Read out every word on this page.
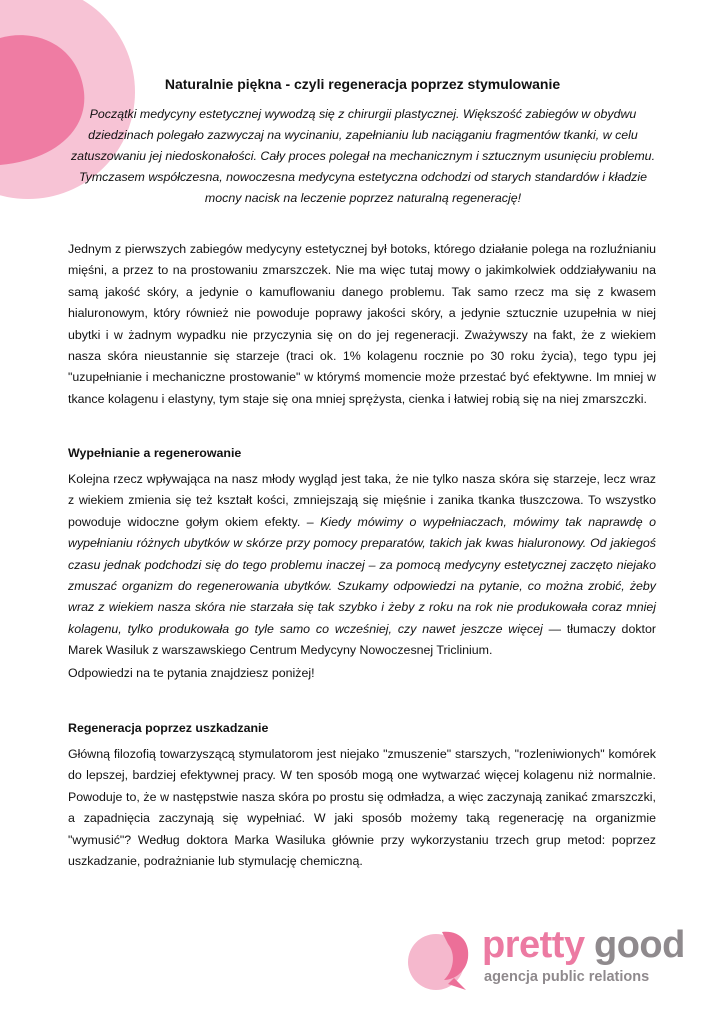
Naturalnie piękna - czyli regeneracja poprzez stymulowanie

Początki medycyny estetycznej wywodzą się z chirurgii plastycznej. Większość zabiegów w obydwu dziedzinach polegało zazwyczaj na wycinaniu, zapełnianiu lub naciąganiu fragmentów tkanki, w celu zatuszowaniu jej niedoskonałości. Cały proces polegał na mechanicznym i sztucznym usunięciu problemu. Tymczasem współczesna, nowoczesna medycyna estetyczna odchodzi od starych standardów i kładzie mocny nacisk na leczenie poprzez naturalną regenerację!

Jednym z pierwszych zabiegów medycyny estetycznej był botoks, którego działanie polega na rozluźnianiu mięśni, a przez to na prostowaniu zmarszczek. Nie ma więc tutaj mowy o jakimkolwiek oddziaływaniu na samą jakość skóry, a jedynie o kamuflowaniu danego problemu. Tak samo rzecz ma się z kwasem hialuronowym, który również nie powoduje poprawy jakości skóry, a jedynie sztucznie uzupełnia w niej ubytki i w żadnym wypadku nie przyczynia się on do jej regeneracji. Zważywszy na fakt, że z wiekiem nasza skóra nieustannie się starzeje (traci ok. 1% kolagenu rocznie po 30 roku życia), tego typu jej "uzupełnianie i mechaniczne prostowanie" w którymś momencie może przestać być efektywne. Im mniej w tkance kolagenu i elastyny, tym staje się ona mniej sprężysta, cienka i łatwiej robią się na niej zmarszczki.

Wypełnianie a regenerowanie

Kolejna rzecz wpływająca na nasz młody wygląd jest taka, że nie tylko nasza skóra się starzeje, lecz wraz z wiekiem zmienia się też kształt kości, zmniejszają się mięśnie i zanika tkanka tłuszczowa. To wszystko powoduje widoczne gołym okiem efekty. – Kiedy mówimy o wypełniaczach, mówimy tak naprawdę o wypełnianiu różnych ubytków w skórze przy pomocy preparatów, takich jak kwas hialuronowy. Od jakiegoś czasu jednak podchodzi się do tego problemu inaczej – za pomocą medycyny estetycznej zaczęto niejako zmuszać organizm do regenerowania ubytków. Szukamy odpowiedzi na pytanie, co można zrobić, żeby wraz z wiekiem nasza skóra nie starzała się tak szybko i żeby z roku na rok nie produkowała coraz mniej kolagenu, tylko produkowała go tyle samo co wcześniej, czy nawet jeszcze więcej — tłumaczy doktor Marek Wasiluk z warszawskiego Centrum Medycyny Nowoczesnej Triclinium.

Odpowiedzi na te pytania znajdziesz poniżej!

Regeneracja poprzez uszkadzanie

Główną filozofią towarzyszącą stymulatorom jest niejako "zmuszenie" starszych, "rozleniwionych" komórek do lepszej, bardziej efektywnej pracy. W ten sposób mogą one wytwarzać więcej kolagenu niż normalnie. Powoduje to, że w następstwie nasza skóra po prostu się odmładza, a więc zaczynają zanikać zmarszczki, a zapadnięcia zaczynają się wypełniać. W jaki sposób możemy taką regenerację na organizmie "wymusić"? Według doktora Marka Wasiluka głównie przy wykorzystaniu trzech grup metod: poprzez uszkadzanie, podrażnianie lub stymulację chemiczną.

pretty good
agencja public relations
